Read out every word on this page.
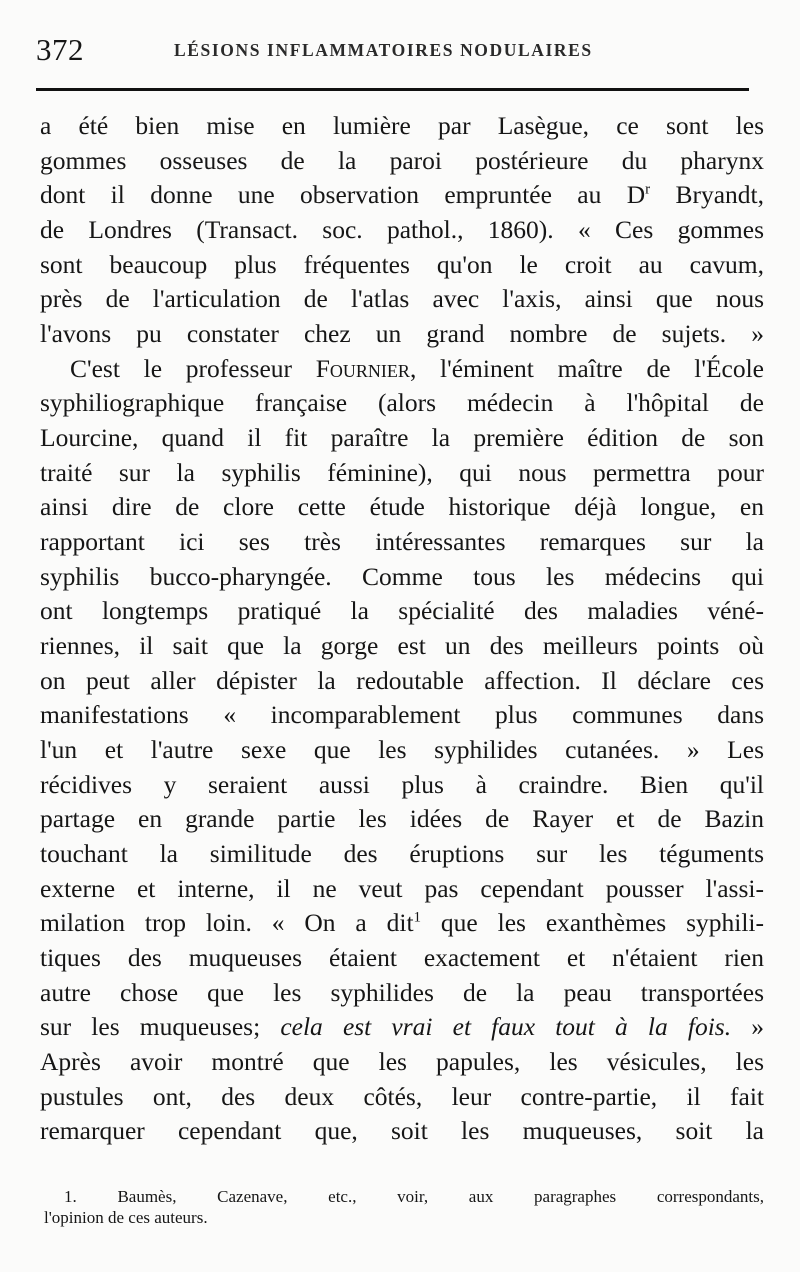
372	LÉSIONS INFLAMMATOIRES NODULAIRES
a été bien mise en lumière par Lasègue, ce sont les
gommes osseuses de la paroi postérieure du pharynx
dont il donne une observation empruntée au $D^r$ Bryandt,
de Londres (Transact. soc. pathol., 1860). « Ces gommes
sont beaucoup plus fréquentes qu'on le croit au cavum,
près de l'articulation de l'atlas avec l'axis, ainsi que nous
l'avons pu constater chez un grand nombre de sujets. »
C'est le professeur Fournier, l'éminent maître de l'École
syphiliographique française (alors médecin à l'hôpital de
Lourcine, quand il fit paraître la première édition de son
traité sur la syphilis féminine), qui nous permettra pour
ainsi dire de clore cette étude historique déjà longue, en
rapportant ici ses très intéressantes remarques sur la
syphilis bucco-pharyngée. Comme tous les médecins qui
ont longtemps pratiqué la spécialité des maladies véné-
riennes, il sait que la gorge est un des meilleurs points où
on peut aller dépister la redoutable affection. Il déclare ces
manifestations « incomparablement plus communes dans
l'un et l'autre sexe que les syphilides cutanées. » Les
récidives y seraient aussi plus à craindre. Bien qu'il
partage en grande partie les idées de Rayer et de Bazin
touchant la similitude des éruptions sur les téguments
externe et interne, il ne veut pas cependant pousser l'assi-
milation trop loin. « On a dit$^1$ que les exanthèmes syphili-
tiques des muqueuses étaient exactement et n'étaient rien
autre chose que les syphilides de la peau transportées
sur les muqueuses; cela est vrai et faux tout à la fois. »
Après avoir montré que les papules, les vésicules, les
pustules ont, des deux côtés, leur contre-partie, il fait
remarquer cependant que, soit les muqueuses, soit la
1. Baumès, Cazenave, etc., voir, aux paragraphes correspondants,
l'opinion de ces auteurs.
